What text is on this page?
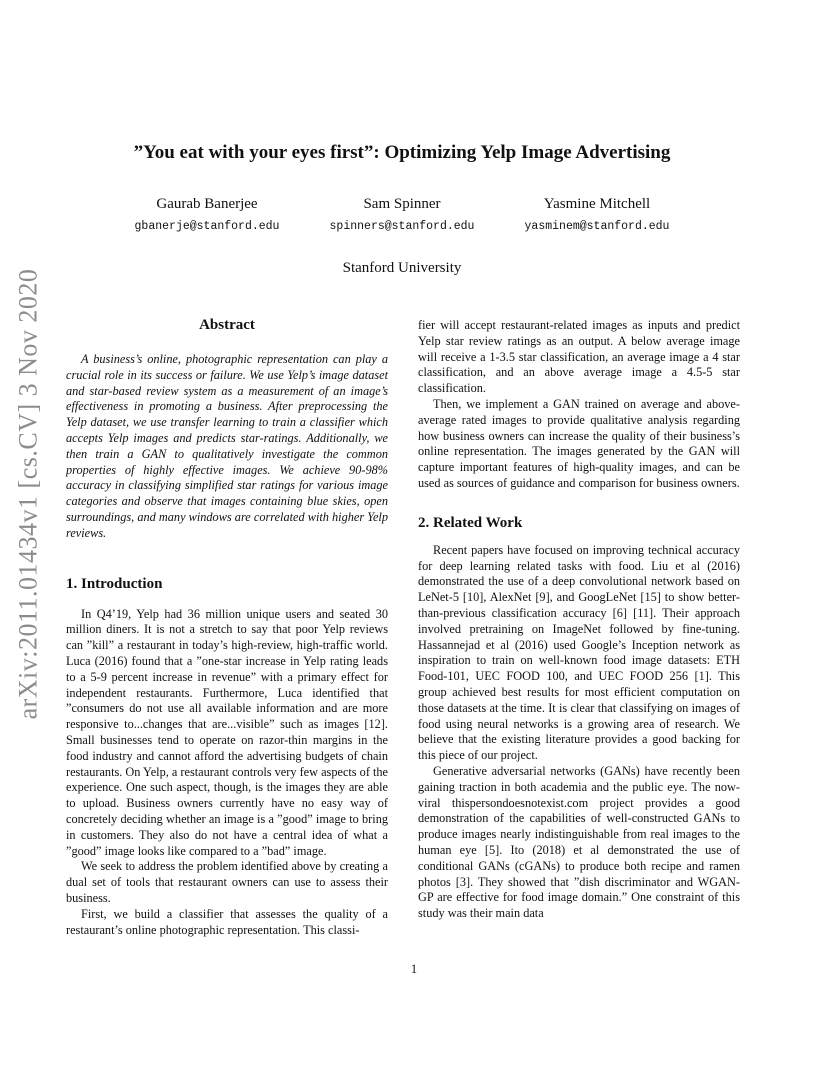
arXiv:2011.01434v1 [cs.CV] 3 Nov 2020
”You eat with your eyes first”: Optimizing Yelp Image Advertising
Gaurab Banerjee
gbanerje@stanford.edu
Sam Spinner
spinners@stanford.edu
Yasmine Mitchell
yasminem@stanford.edu
Stanford University
Abstract

A business’s online, photographic representation can play a crucial role in its success or failure. We use Yelp’s image dataset and star-based review system as a measurement of an image’s effectiveness in promoting a business. After preprocessing the Yelp dataset, we use transfer learning to train a classifier which accepts Yelp images and predicts star-ratings. Additionally, we then train a GAN to qualitatively investigate the common properties of highly effective images. We achieve 90-98% accuracy in classifying simplified star ratings for various image categories and observe that images containing blue skies, open surroundings, and many windows are correlated with higher Yelp reviews.

1. Introduction

In Q4’19, Yelp had 36 million unique users and seated 30 million diners. It is not a stretch to say that poor Yelp reviews can ”kill” a restaurant in today’s high-review, high-traffic world. Luca (2016) found that a ”one-star increase in Yelp rating leads to a 5-9 percent increase in revenue” with a primary effect for independent restaurants. Furthermore, Luca identified that ”consumers do not use all available information and are more responsive to...changes that are...visible” such as images [12]. Small businesses tend to operate on razor-thin margins in the food industry and cannot afford the advertising budgets of chain restaurants. On Yelp, a restaurant controls very few aspects of the experience. One such aspect, though, is the images they are able to upload. Business owners currently have no easy way of concretely deciding whether an image is a ”good” image to bring in customers. They also do not have a central idea of what a ”good” image looks like compared to a ”bad” image.

We seek to address the problem identified above by creating a dual set of tools that restaurant owners can use to assess their business.

First, we build a classifier that assesses the quality of a restaurant’s online photographic representation. This classi-

fier will accept restaurant-related images as inputs and predict Yelp star review ratings as an output. A below average image will receive a 1-3.5 star classification, an average image a 4 star classification, and an above average image a 4.5-5 star classification.

Then, we implement a GAN trained on average and above-average rated images to provide qualitative analysis regarding how business owners can increase the quality of their business’s online representation. The images generated by the GAN will capture important features of high-quality images, and can be used as sources of guidance and comparison for business owners.

2. Related Work

Recent papers have focused on improving technical accuracy for deep learning related tasks with food. Liu et al (2016) demonstrated the use of a deep convolutional network based on LeNet-5 [10], AlexNet [9], and GoogLeNet [15] to show better-than-previous classification accuracy [6] [11]. Their approach involved pretraining on ImageNet followed by fine-tuning. Hassannejad et al (2016) used Google’s Inception network as inspiration to train on well-known food image datasets: ETH Food-101, UEC FOOD 100, and UEC FOOD 256 [1]. This group achieved best results for most efficient computation on those datasets at the time. It is clear that classifying on images of food using neural networks is a growing area of research. We believe that the existing literature provides a good backing for this piece of our project.

Generative adversarial networks (GANs) have recently been gaining traction in both academia and the public eye. The now-viral thispersondoesnotexist.com project provides a good demonstration of the capabilities of well-constructed GANs to produce images nearly indistinguishable from real images to the human eye [5]. Ito (2018) et al demonstrated the use of conditional GANs (cGANs) to produce both recipe and ramen photos [3]. They showed that ”dish discriminator and WGAN-GP are effective for food image domain.” One constraint of this study was their main data

1
